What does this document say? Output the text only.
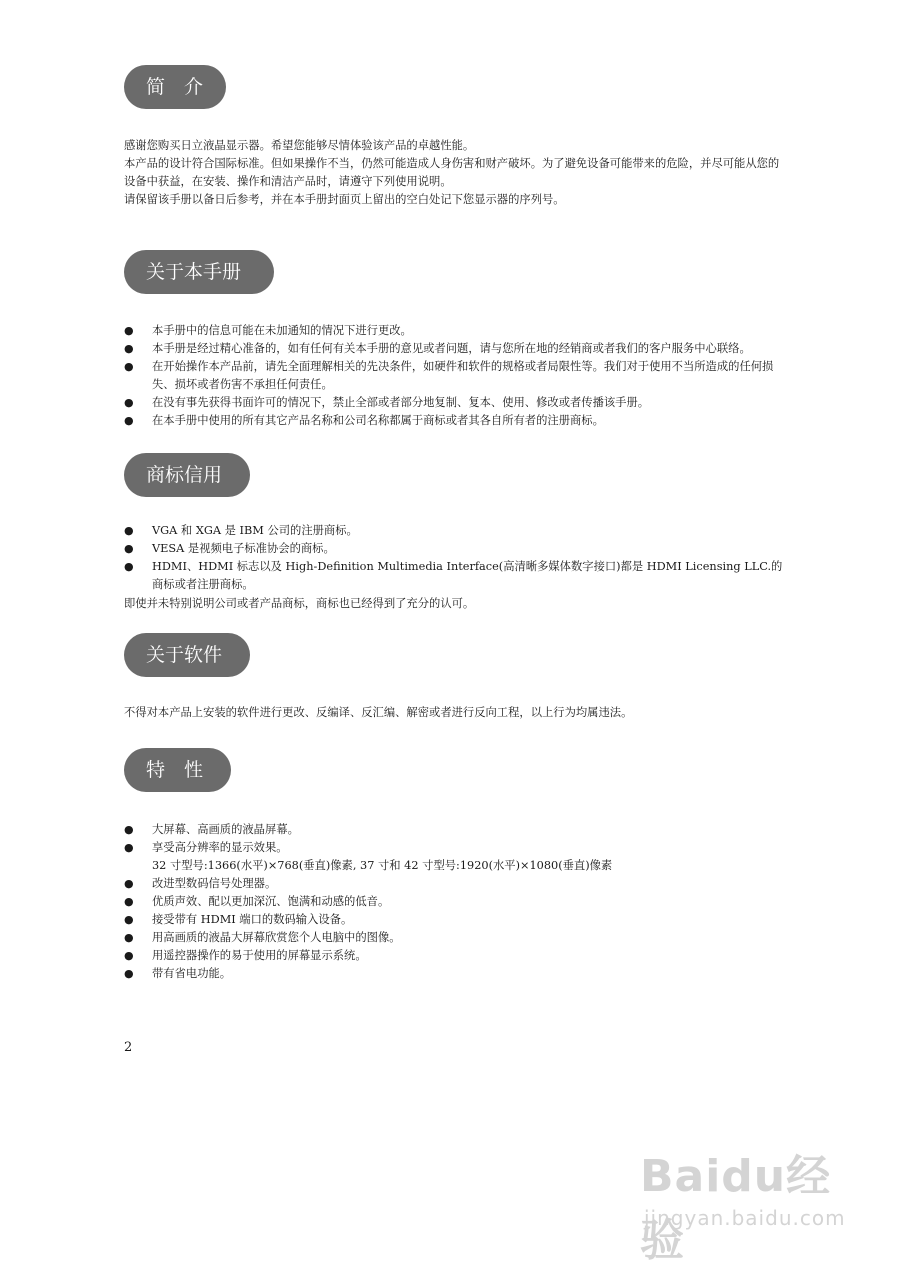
简　介

感谢您购买日立液晶显示器。希望您能够尽情体验该产品的卓越性能。

本产品的设计符合国际标准。但如果操作不当，仍然可能造成人身伤害和财产破坏。为了避免设备可能带来的危险，并尽可能从您的设备中获益，在安装、操作和清洁产品时，请遵守下列使用说明。

请保留该手册以备日后参考，并在本手册封面页上留出的空白处记下您显示器的序列号。

关于本手册
● 本手册中的信息可能在未加通知的情况下进行更改。
● 本手册是经过精心准备的，如有任何有关本手册的意见或者问题，请与您所在地的经销商或者我们的客户服务中心联络。
● 在开始操作本产品前，请先全面理解相关的先决条件，如硬件和软件的规格或者局限性等。我们对于使用不当所造成的任何损失、损坏或者伤害不承担任何责任。
● 在没有事先获得书面许可的情况下，禁止全部或者部分地复制、复本、使用、修改或者传播该手册。
● 在本手册中使用的所有其它产品名称和公司名称都属于商标或者其各自所有者的注册商标。
商标信用
● VGA 和 XGA 是 IBM 公司的注册商标。
● VESA 是视频电子标准协会的商标。
● HDMI、HDMI 标志以及 High-Definition Multimedia Interface(高清晰多媒体数字接口)都是 HDMI Licensing LLC.的商标或者注册商标。
即使并未特别说明公司或者产品商标，商标也已经得到了充分的认可。
关于软件
不得对本产品上安装的软件进行更改、反编译、反汇编、解密或者进行反向工程，以上行为均属违法。
特　性
● 大屏幕、高画质的液晶屏幕。
● 享受高分辨率的显示效果。
32 寸型号:1366(水平)×768(垂直)像素, 37 寸和 42 寸型号:1920(水平)×1080(垂直)像素
● 改进型数码信号处理器。
● 优质声效、配以更加深沉、饱满和动感的低音。
● 接受带有 HDMI 端口的数码输入设备。
● 用高画质的液晶大屏幕欣赏您个人电脑中的图像。
● 用遥控器操作的易于使用的屏幕显示系统。
● 带有省电功能。
2
Baidu经验
jingyan.baidu.com
